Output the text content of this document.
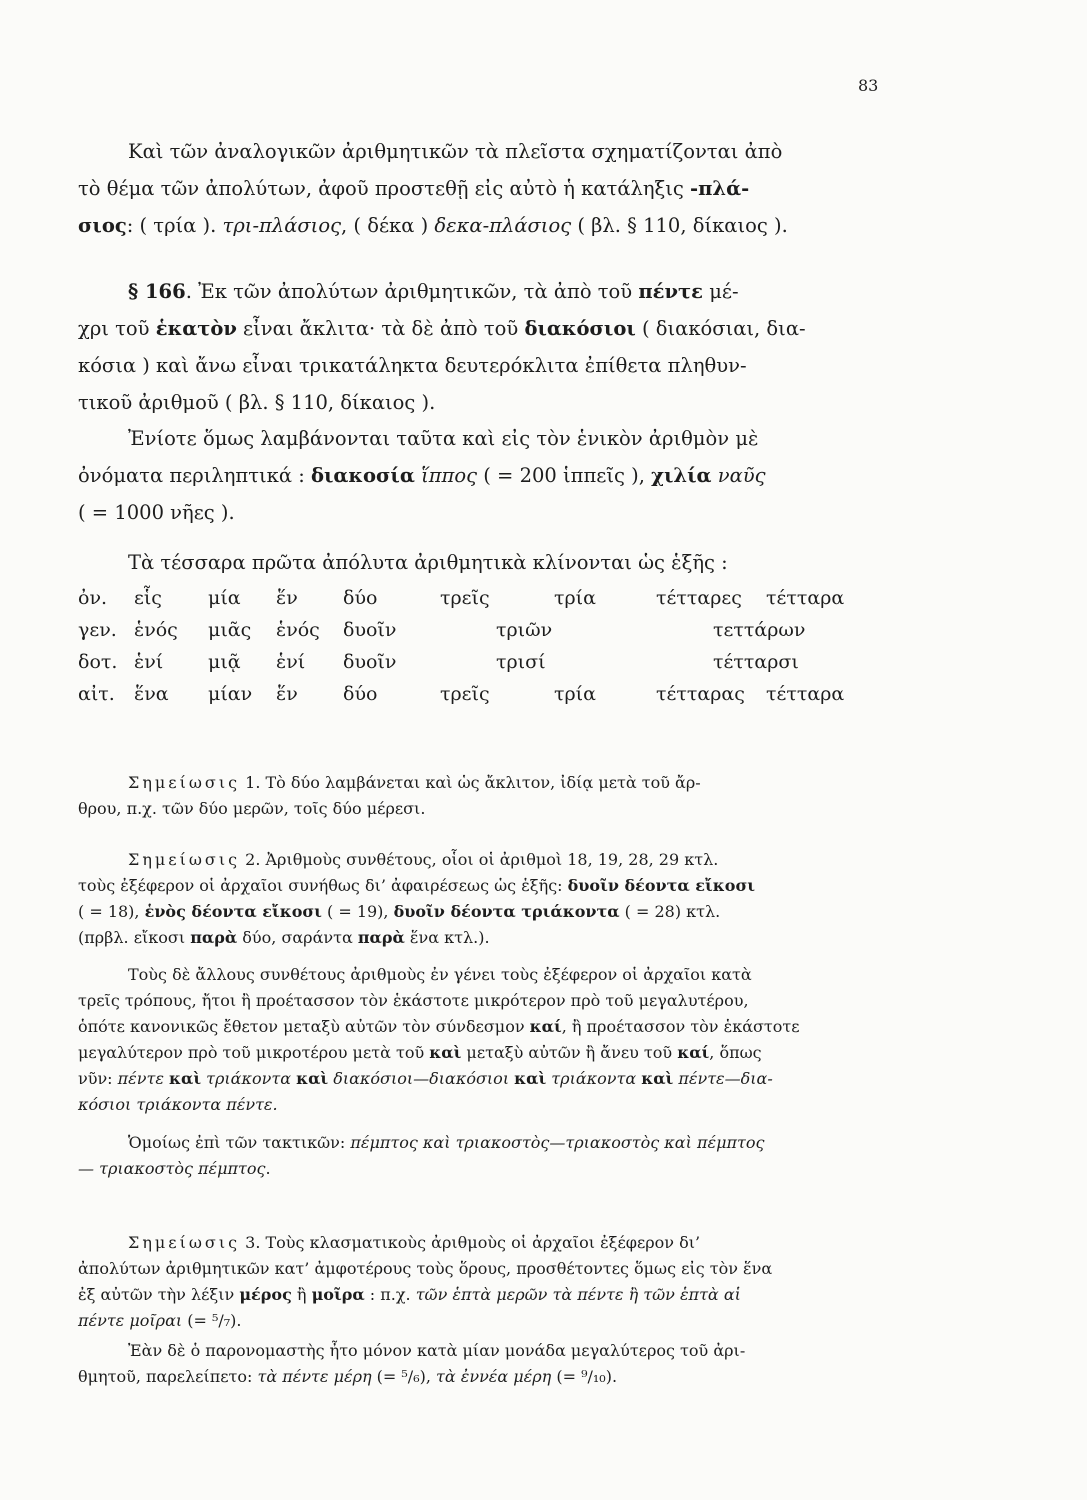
83
Καὶ τῶν ἀναλογικῶν ἀριθμητικῶν τὰ πλεῖστα σχηματίζονται ἀπὸ
τὸ θέμα τῶν ἀπολύτων, ἀφοῦ προστεθῇ εἰς αὐτὸ ἡ κατάληξις -πλά-
σιος: ( τρία ). τρι-πλάσιος, ( δέκα ) δεκα-πλάσιος ( βλ. § 110, δίκαιος ).
§ 166. Ἐκ τῶν ἀπολύτων ἀριθμητικῶν, τὰ ἀπὸ τοῦ πέντε μέ-
χρι τοῦ ἑκατὸν εἶναι ἄκλιτα· τὰ δὲ ἀπὸ τοῦ διακόσιοι ( διακόσιαι, δια-
κόσια ) καὶ ἄνω εἶναι τρικατάληκτα δευτερόκλιτα ἐπίθετα πληθυν-
τικοῦ ἀριθμοῦ ( βλ. § 110, δίκαιος ).
Ἐνίοτε ὅμως λαμβάνονται ταῦτα καὶ εἰς τὸν ἑνικὸν ἀριθμὸν μὲ
ὀνόματα περιληπτικά : διακοσία ἵππος ( = 200 ἱππεῖς ), χιλία ναῦς
( = 1000 νῆες ).
Τὰ τέσσαρα πρῶτα ἀπόλυτα ἀριθμητικὰ κλίνονται ὡς ἑξῆς :
ὀν. εἷς μία ἕν δύο	τρεῖς	τρία	τέτταρες τέτταρα
γεν. ἑνός μιᾶς ἑνός δυοῖν	τριῶν	τεττάρων
δοτ. ἑνί μιᾷ ἑνί δυοῖν	τρισί	τέτταρσι
αἰτ. ἕνα μίαν ἕν δύο	τρεῖς	τρία	τέτταρας τέτταρα
Σημείωσις 1. Τὸ δύο λαμβάνεται καὶ ὡς ἄκλιτον, ἰδίᾳ μετὰ τοῦ ἄρ-
θρου, π.χ. τῶν δύο μερῶν, τοῖς δύο μέρεσι.
Σημείωσις 2. Ἀριθμοὺς συνθέτους, οἷοι οἱ ἀριθμοὶ 18, 19, 28, 29 κτλ.
τοὺς ἐξέφερον οἱ ἀρχαῖοι συνήθως δι’ ἀφαιρέσεως ὡς ἑξῆς: δυοῖν δέοντα εἴκοσι
( = 18), ἑνὸς δέοντα εἴκοσι ( = 19), δυοῖν δέοντα τριάκοντα ( = 28) κτλ.
(πρβλ. εἴκοσι παρὰ δύο, σαράντα παρὰ ἕνα κτλ.).
Τοὺς δὲ ἄλλους συνθέτους ἀριθμοὺς ἐν γένει τοὺς ἐξέφερον οἱ ἀρχαῖοι κατὰ
τρεῖς τρόπους, ἤτοι ἢ προέτασσον τὸν ἑκάστοτε μικρότερον πρὸ τοῦ μεγαλυτέρου,
ὁπότε κανονικῶς ἔθετον μεταξὺ αὐτῶν τὸν σύνδεσμον καί, ἢ προέτασσον τὸν ἑκάστοτε
μεγαλύτερον πρὸ τοῦ μικροτέρου μετὰ τοῦ καὶ μεταξὺ αὐτῶν ἢ ἄνευ τοῦ καί, ὅπως
νῦν: πέντε καὶ τριάκοντα καὶ διακόσιοι—διακόσιοι καὶ τριάκοντα καὶ πέντε—δια-
κόσιοι τριάκοντα πέντε.
Ὁμοίως ἐπὶ τῶν τακτικῶν: πέμπτος καὶ τριακοστὸς—τριακοστὸς καὶ πέμπτος
— τριακοστὸς πέμπτος.
Σημείωσις 3. Τοὺς κλασματικοὺς ἀριθμοὺς οἱ ἀρχαῖοι ἐξέφερον δι’
ἀπολύτων ἀριθμητικῶν κατ’ ἀμφοτέρους τοὺς ὅρους, προσθέτοντες ὅμως εἰς τὸν ἕνα
ἐξ αὐτῶν τὴν λέξιν μέρος ἢ μοῖρα : π.χ. τῶν ἑπτὰ μερῶν τὰ πέντε ἢ τῶν ἑπτὰ αἱ
πέντε μοῖραι (= ⁵/₇).
Ἐὰν δὲ ὁ παρονομαστὴς ἦτο μόνον κατὰ μίαν μονάδα μεγαλύτερος τοῦ ἀρι-
θμητοῦ, παρελείπετο: τὰ πέντε μέρη (= ⁵/₆), τὰ ἐννέα μέρη (= ⁹/₁₀).
